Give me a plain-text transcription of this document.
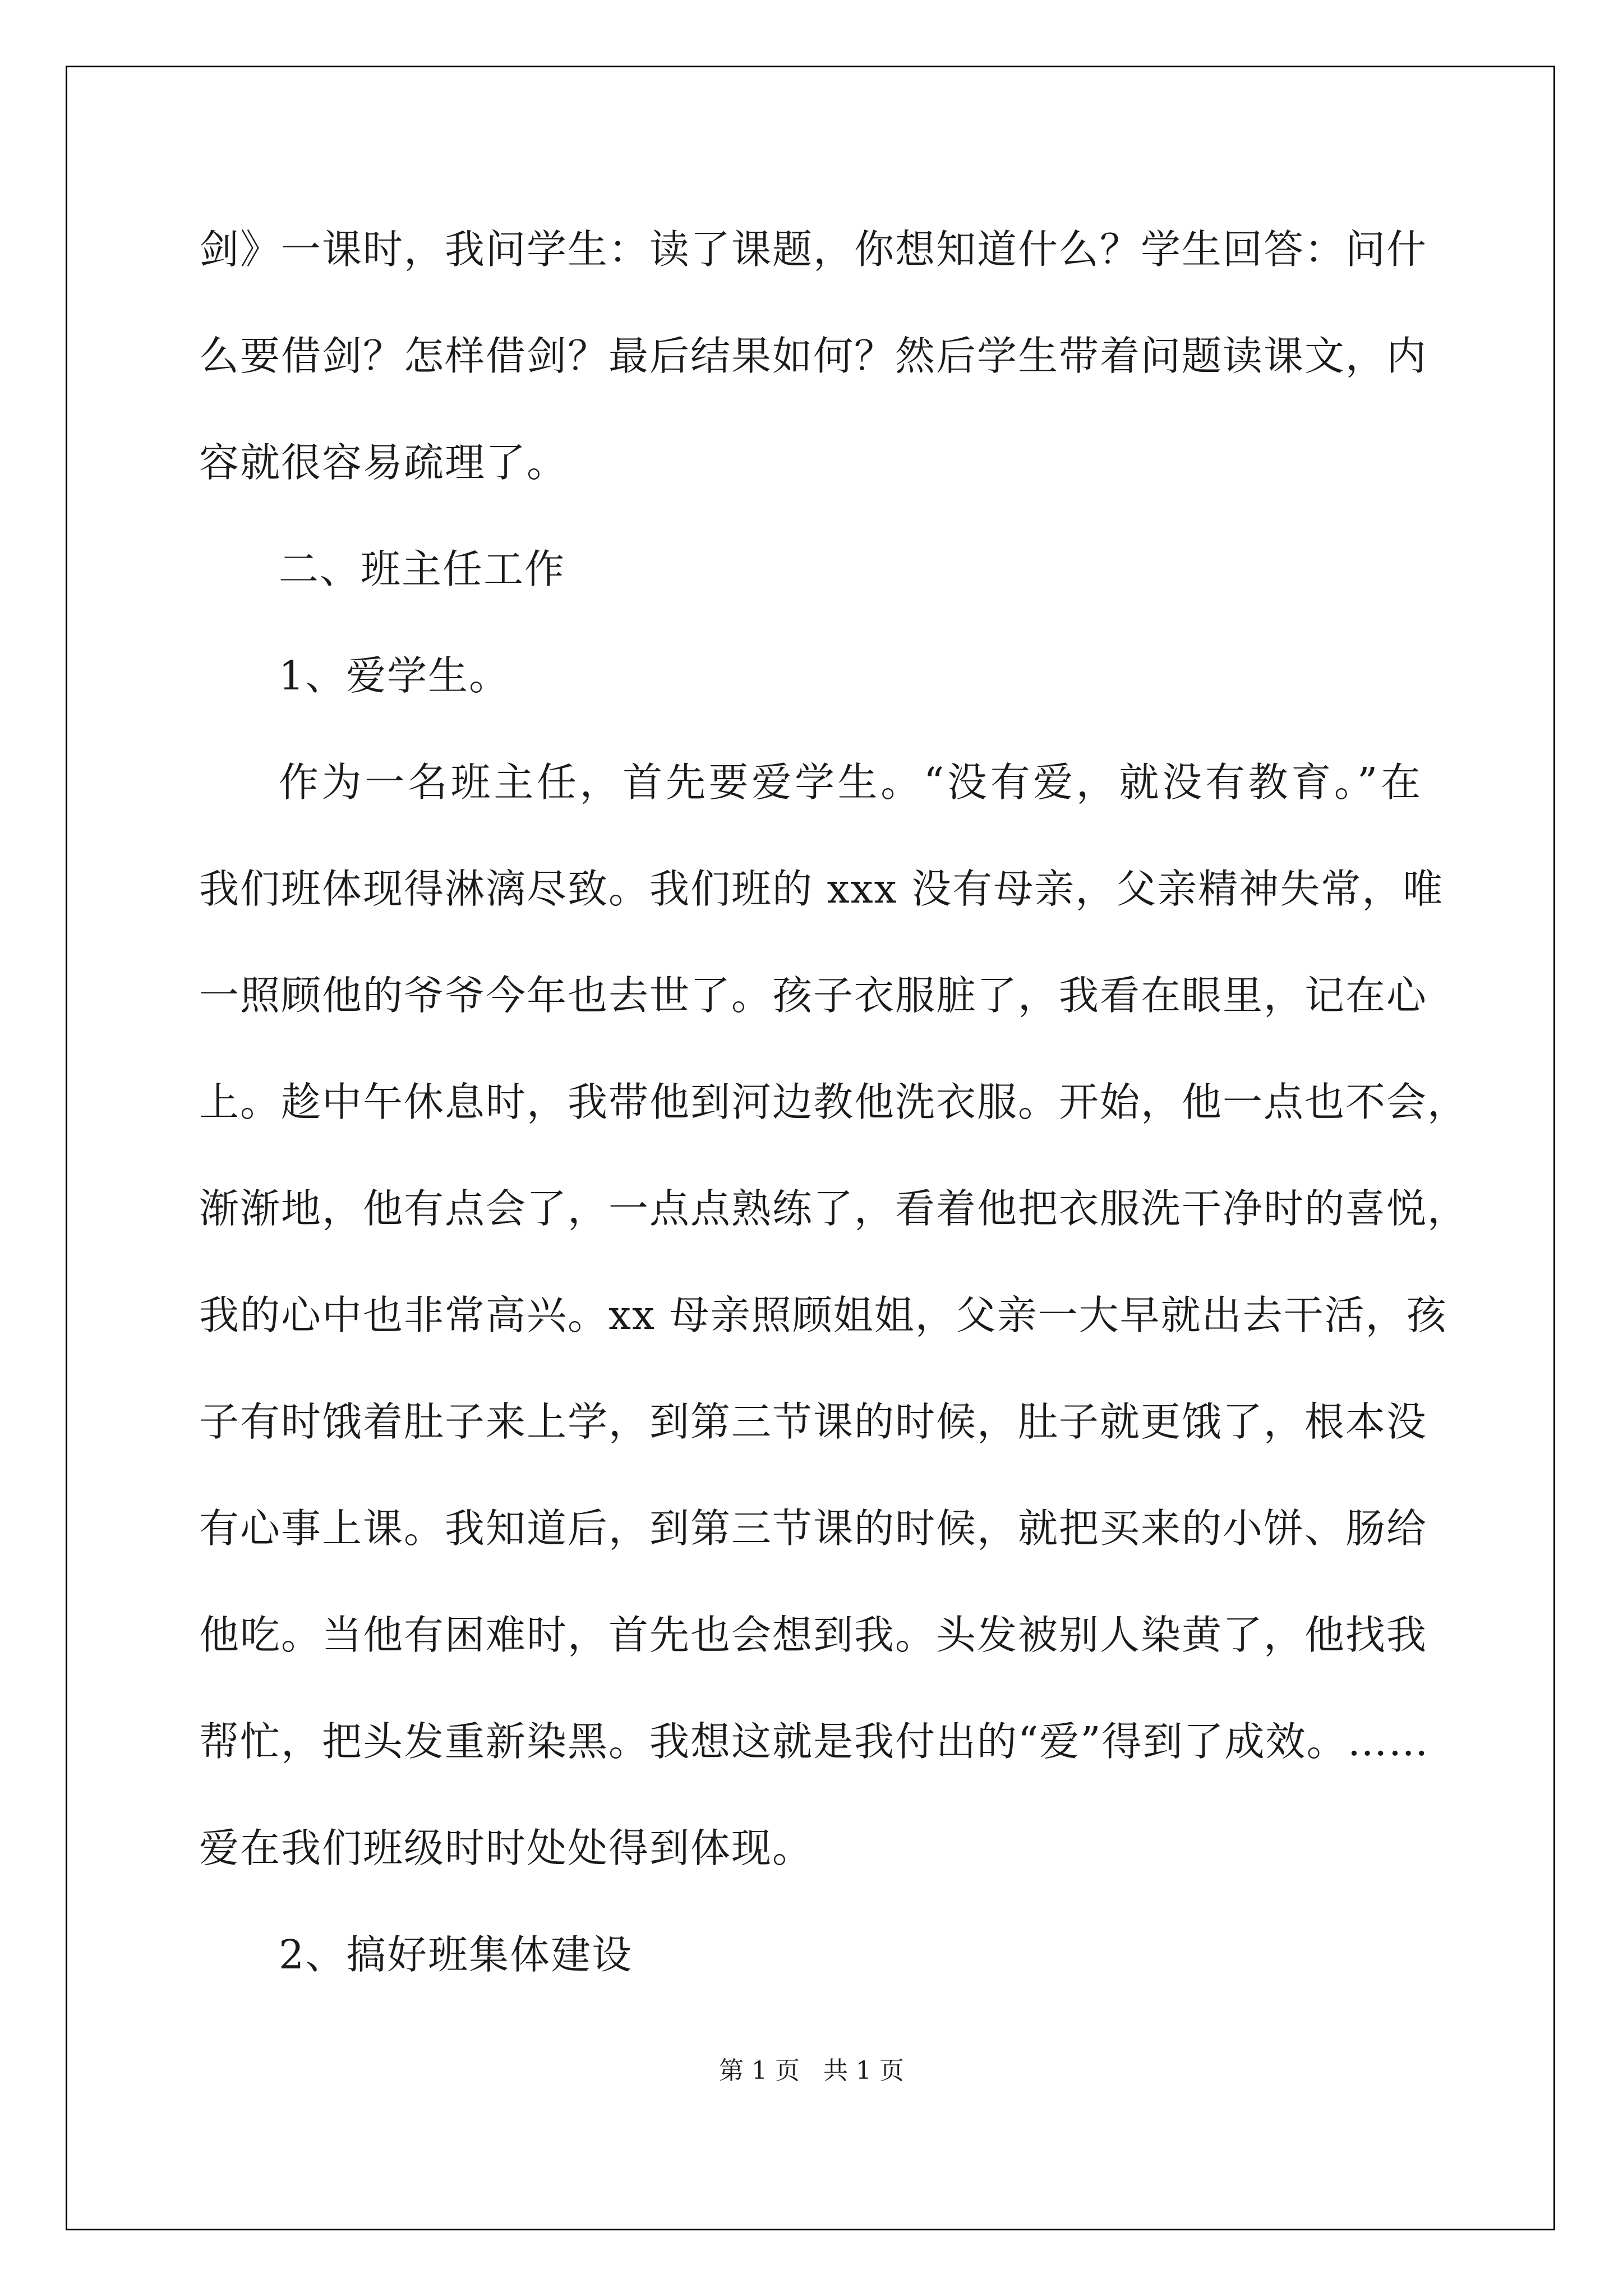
剑》一课时，我问学生：读了课题，你想知道什么？学生回答：问什
么要借剑？怎样借剑？最后结果如何？然后学生带着问题读课文，内
容就很容易疏理了。
二、班主任工作
1、爱学生。
作为一名班主任，首先要爱学生。“没有爱，就没有教育。”在
我们班体现得淋漓尽致。我们班的 xxx 没有母亲，父亲精神失常，唯
一照顾他的爷爷今年也去世了。孩子衣服脏了，我看在眼里，记在心
上。趁中午休息时，我带他到河边教他洗衣服。开始，他一点也不会，
渐渐地，他有点会了，一点点熟练了，看着他把衣服洗干净时的喜悦，
我的心中也非常高兴。xx 母亲照顾姐姐，父亲一大早就出去干活，孩
子有时饿着肚子来上学，到第三节课的时候，肚子就更饿了，根本没
有心事上课。我知道后，到第三节课的时候，就把买来的小饼、肠给
他吃。当他有困难时，首先也会想到我。头发被别人染黄了，他找我
帮忙，把头发重新染黑。我想这就是我付出的“爱”得到了成效。……
爱在我们班级时时处处得到体现。
2、搞好班集体建设
第 1 页 共 1 页
